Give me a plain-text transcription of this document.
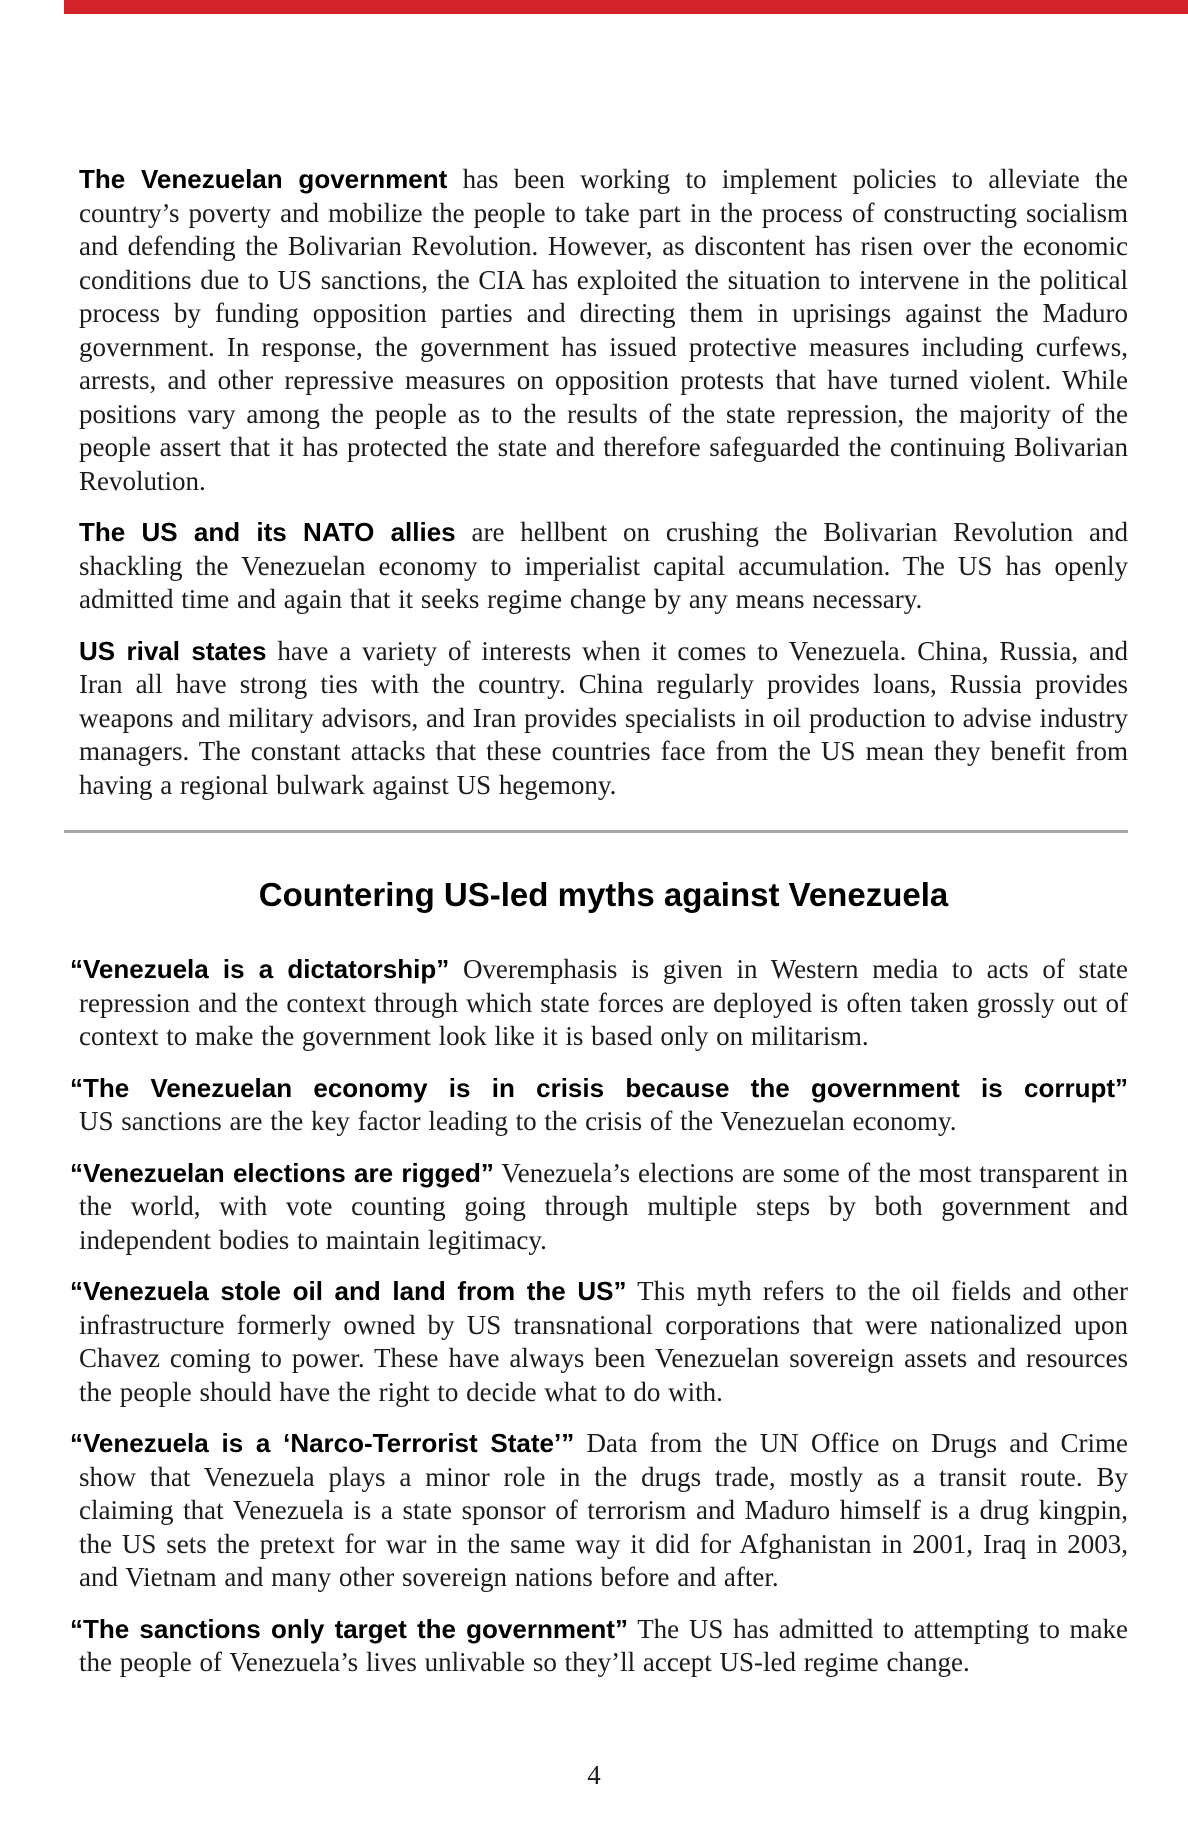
The Venezuelan government has been working to implement policies to alleviate the country’s poverty and mobilize the people to take part in the process of constructing socialism and defending the Bolivarian Revolution. However, as discontent has risen over the economic conditions due to US sanctions, the CIA has exploited the situation to intervene in the political process by funding opposition parties and directing them in uprisings against the Maduro government. In response, the government has issued protective measures including curfews, arrests, and other repressive measures on opposition protests that have turned violent. While positions vary among the people as to the results of the state repression, the majority of the people assert that it has protected the state and therefore safeguarded the continuing Bolivarian Revolution.

The US and its NATO allies are hellbent on crushing the Bolivarian Revolution and shackling the Venezuelan economy to imperialist capital accumulation. The US has openly admitted time and again that it seeks regime change by any means necessary.

US rival states have a variety of interests when it comes to Venezuela. China, Russia, and Iran all have strong ties with the country. China regularly provides loans, Russia provides weapons and military advisors, and Iran provides specialists in oil production to advise industry managers. The constant attacks that these countries face from the US mean they benefit from having a regional bulwark against US hegemony.

Countering US-led myths against Venezuela

“Venezuela is a dictatorship” Overemphasis is given in Western media to acts of state repression and the context through which state forces are deployed is often taken grossly out of context to make the government look like it is based only on militarism.

“The Venezuelan economy is in crisis because the government is corrupt”
US sanctions are the key factor leading to the crisis of the Venezuelan economy.

“Venezuelan elections are rigged” Venezuela’s elections are some of the most transparent in the world, with vote counting going through multiple steps by both government and independent bodies to maintain legitimacy.

“Venezuela stole oil and land from the US” This myth refers to the oil fields and other infrastructure formerly owned by US transnational corporations that were nationalized upon Chavez coming to power. These have always been Venezuelan sovereign assets and resources the people should have the right to decide what to do with.

“Venezuela is a ‘Narco-Terrorist State’” Data from the UN Office on Drugs and Crime show that Venezuela plays a minor role in the drugs trade, mostly as a transit route. By claiming that Venezuela is a state sponsor of terrorism and Maduro himself is a drug kingpin, the US sets the pretext for war in the same way it did for Afghanistan in 2001, Iraq in 2003, and Vietnam and many other sovereign nations before and after.

“The sanctions only target the government” The US has admitted to attempting to make the people of Venezuela’s lives unlivable so they’ll accept US-led regime change.

4
